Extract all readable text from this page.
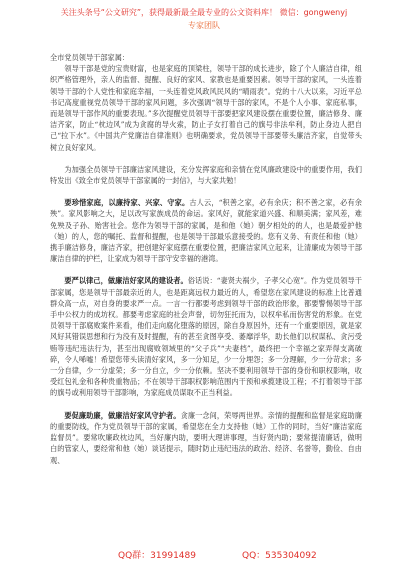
关注头条号“公文研究”，获得最新最全最专业的公文资料库！ 微信：gongwenyj
专家团队

全市党员领导干部家属：

领导干部是党的宝贵财富，也是家庭的顶梁柱，领导干部的成长进步，除了个人廉洁自律，组织严格管理外，亲人的监督、提醒、良好的家风、家教也是重要因素。领导干部的家风，一头连着领导干部的个人党性和家庭幸福，一头连着党风政风民风的“晴雨表”。党的十八大以来，习近平总书记高度重视党员领导干部的家风问题，多次强调“领导干部的家风，不是个人小事、家庭私事，而是领导干部作风的重要表现。”多次提醒党员领导干部要把家风建设摆在重要位置，廉洁修身、廉洁齐家，防止“枕边风”成为贪腐的导火索，防止子女打着自己的旗号非法牟利，防止身边人把自己“拉下水”。《中国共产党廉洁自律准则》也明确要求，党员领导干部要带头廉洁齐家，自觉带头树立良好家风。

为加强全员领导干部廉洁家风建设，充分发挥家庭和亲情在党风廉政建设中的重要作用，我们特发出《致全市党员领导干部家属的一封信》，与大家共勉！

要珍惜家庭，以廉持家、兴家、守家。古人云，“积善之家，必有余庆；积不善之家，必有余殃”。家风影响之大，足以改写家族成员的命运。家风好，就能家道兴盛、和顺美满；家风差，难免殃及子孙、贻害社会。您作为领导干部的家属，是和他（她）朝夕相处的的人，也是最爱护他（她）的人，您的嘱托、监督和提醒，也是领导干部最乐意接受的。您有义务、有责任和他（她）携手廉洁修身，廉洁齐家，把创建好家庭摆在重要位置，把廉洁家风立起来，让清廉成为领导干部廉洁自律的护栏，让家成为领导干部守安幸福的港湾。

要严以律己，做廉洁好家风的建设者。俗话说：“妻贤夫祸少，子孝父心宽”。作为党员领导干部家属，您是领导干部最亲近的人，也是距离远权力最近的人，希望您在家风建设的标准上比普通群众高一点，对自身的要求严一点。一言一行都要考虑到领导干部的政治形象，都要警惕领导干部手中公权力的成坊权。都要考虑家庭的社会声誉，切勿狂托而为，以权牟私而伤害党的形象。在党员领导干部腐败案件来看，他们走向腐化堕落的原因，除自身原因外，还有一个重要原因，就是家风好其错误思想和行为没有及时提醒，有的甚至贪图享受、萎靡浮华，助长他们以权谋私、贪污受贿等违纪违法行为，甚至出现腐败领域里的“父子兵”“夫妻档”，最终把一个幸福之家弄得支离破碎，令人唏嘘！希望您带头读清好家风，多一分知足，少一分埋怨；多一分理解，少一分苛求；多一分自律，少一分虚荣；多一分自立，少一分依赖。坚决不要利用领导干部的身份和职权影响，收受红包礼金和各种贵重物品；不在领导干部职权影响范围内干预和承揽建设工程；不打着领导干部的旗号或利用领导干部影响，为家庭成员谋取不正当利益。

要促廉助廉，做廉洁好家风守护者。贪廉一念间，荣辱两世界。亲情的提醒和监督是家庭助廉的重要防线，作为党员领导干部的家属，希望您在全力支持他（她）工作的同时，当好“廉洁家庭监督员”。要常吹廉政枕边风，当好廉内助，要明大理讲事理，当好贤内助；要常提清廉话，做明白的管家人，要经常和他（她）谈话提示，随时防止违纪违法的政治、经济、名誉等，勤俭、自由观、

QQ群：31991489	QQ：535304092
